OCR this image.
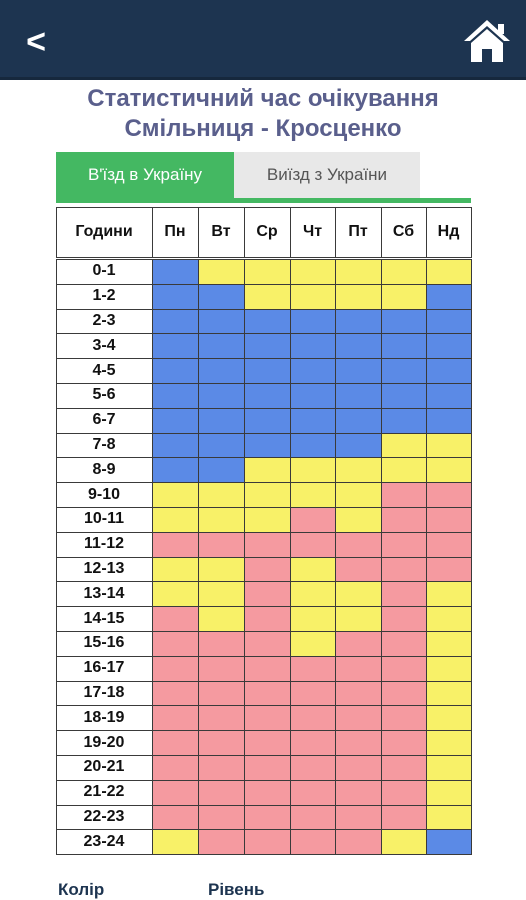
<
Статистичний час очікування
Смільниця - Кросценко
В'їзд в Україну	Виїзд з України
Години	Пн	Вт	Ср	Чт	Пт	Сб	Нд
0-1
1-2
2-3
3-4
4-5
5-6
6-7
7-8
8-9
9-10
10-11
11-12
12-13
13-14
14-15
15-16
16-17
17-18
18-19
19-20
20-21
21-22
22-23
23-24
Колір	Рівень
